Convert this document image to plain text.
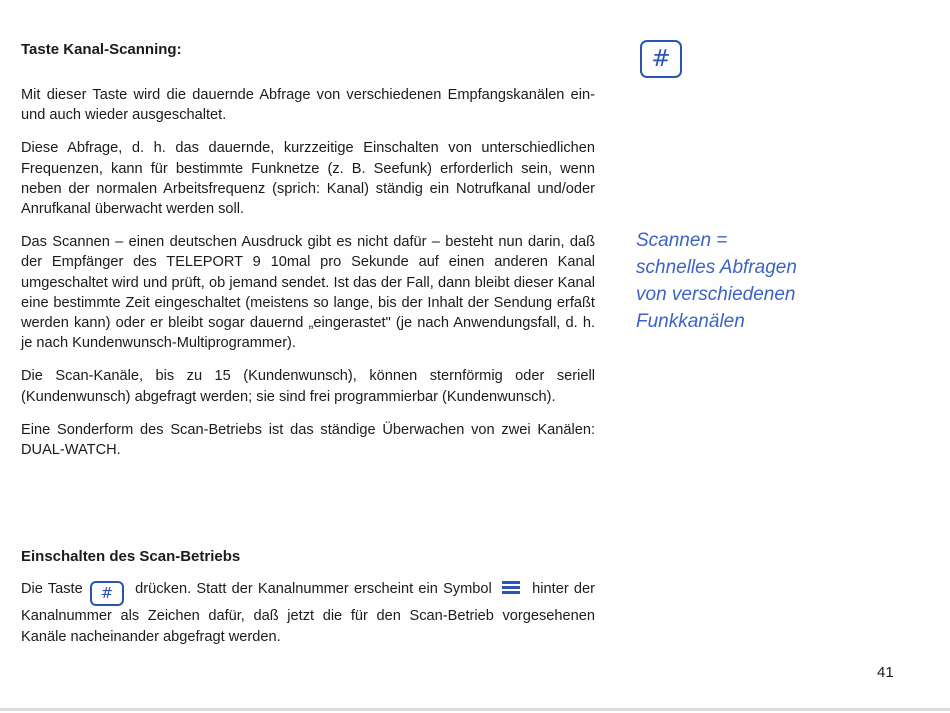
Taste Kanal-Scanning:

Mit dieser Taste wird die dauernde Abfrage von verschiedenen Empfangskanälen ein- und auch wieder ausgeschaltet.

Diese Abfrage, d. h. das dauernde, kurzzeitige Einschalten von unterschiedlichen Frequenzen, kann für bestimmte Funknetze (z. B. Seefunk) erforderlich sein, wenn neben der normalen Arbeitsfrequenz (sprich: Kanal) ständig ein Notrufkanal und/oder Anrufkanal überwacht werden soll.

Das Scannen – einen deutschen Ausdruck gibt es nicht dafür – besteht nun darin, daß der Empfänger des TELEPORT 9 10mal pro Sekunde auf einen anderen Kanal umgeschaltet wird und prüft, ob jemand sendet. Ist das der Fall, dann bleibt dieser Kanal eine bestimmte Zeit eingeschaltet (meistens so lange, bis der Inhalt der Sendung erfaßt werden kann) oder er bleibt sogar dauernd „eingerastet" (je nach Anwendungsfall, d. h. je nach Kundenwunsch-Multiprogrammer).

Die Scan-Kanäle, bis zu 15 (Kundenwunsch), können sternförmig oder seriell (Kundenwunsch) abgefragt werden; sie sind frei programmierbar (Kundenwunsch).

Eine Sonderform des Scan-Betriebs ist das ständige Überwachen von zwei Kanälen: DUAL-WATCH.

#
Scannen =
schnelles Abfragen
von verschiedenen
Funkkanälen
Einschalten des Scan-Betriebs

Die Taste # drücken. Statt der Kanalnummer erscheint ein Symbol	hinter der Kanalnummer als Zeichen dafür, daß jetzt die für den Scan-Betrieb vorgesehenen Kanäle nacheinander abgefragt werden.

41
